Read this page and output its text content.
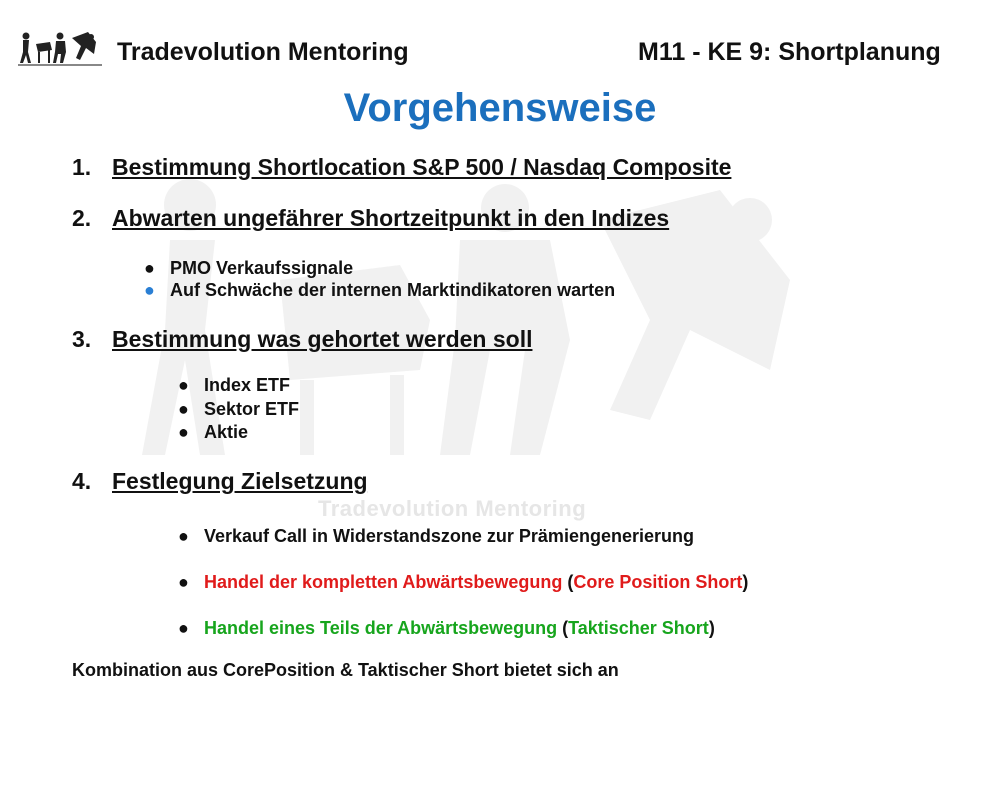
Tradevolution Mentoring
Tradevolution Mentoring	M11 - KE 9: Shortplanung
Vorgehensweise
1. Bestimmung Shortlocation S&P 500 / Nasdaq Composite
2. Abwarten ungefährer Shortzeitpunkt in den Indizes
● PMO Verkaufssignale
● Auf Schwäche der internen Marktindikatoren warten
3. Bestimmung was gehortet werden soll
● Index ETF
● Sektor ETF
● Aktie
4. Festlegung Zielsetzung
● Verkauf Call in Widerstandszone zur Prämiengenerierung
● Handel der kompletten Abwärtsbewegung (Core Position Short)
● Handel eines Teils der Abwärtsbewegung (Taktischer Short)
Kombination aus CorePosition & Taktischer Short bietet sich an
